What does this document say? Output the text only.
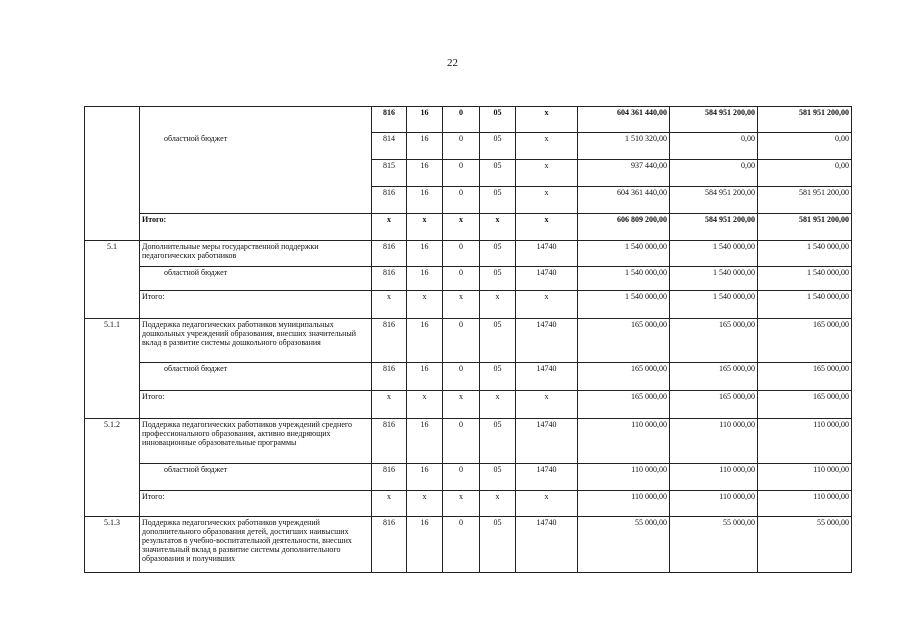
22
		816	16	0	05	x	604 361 440,00	584 951 200,00	581 951 200,00
	областной бюджет	814	16	0	05	x	1 510 320,00	0,00	0,00
		815	16	0	05	x	937 440,00	0,00	0,00
		816	16	0	05	x	604 361 440,00	584 951 200,00	581 951 200,00
	Итого:	x	x	x	x	x	606 809 200,00	584 951 200,00	581 951 200,00
5.1	Дополнительные меры государственной поддержки педагогических работников	816	16	0	05	14740	1 540 000,00	1 540 000,00	1 540 000,00
	областной бюджет	816	16	0	05	14740	1 540 000,00	1 540 000,00	1 540 000,00
	Итого:	x	x	x	x	x	1 540 000,00	1 540 000,00	1 540 000,00
5.1.1	Поддержка педагогических работников муниципальных дошкольных учреждений образования, внесших значительный вклад в развитие системы дошкольного образования	816	16	0	05	14740	165 000,00	165 000,00	165 000,00
	областной бюджет	816	16	0	05	14740	165 000,00	165 000,00	165 000,00
	Итого:	x	x	x	x	x	165 000,00	165 000,00	165 000,00
5.1.2	Поддержка педагогических работников учреждений среднего профессионального образования, активно внедряющих инновационные образовательные программы	816	16	0	05	14740	110 000,00	110 000,00	110 000,00
	областной бюджет	816	16	0	05	14740	110 000,00	110 000,00	110 000,00
	Итого:	x	x	x	x	x	110 000,00	110 000,00	110 000,00
5.1.3	Поддержка педагогических работников учреждений дополнительного образования детей, достигших наивысших результатов в учебно-воспитательной деятельности, внесших значительный вклад в развитие системы дополнительного образования и получивших	816	16	0	05	14740	55 000,00	55 000,00	55 000,00
